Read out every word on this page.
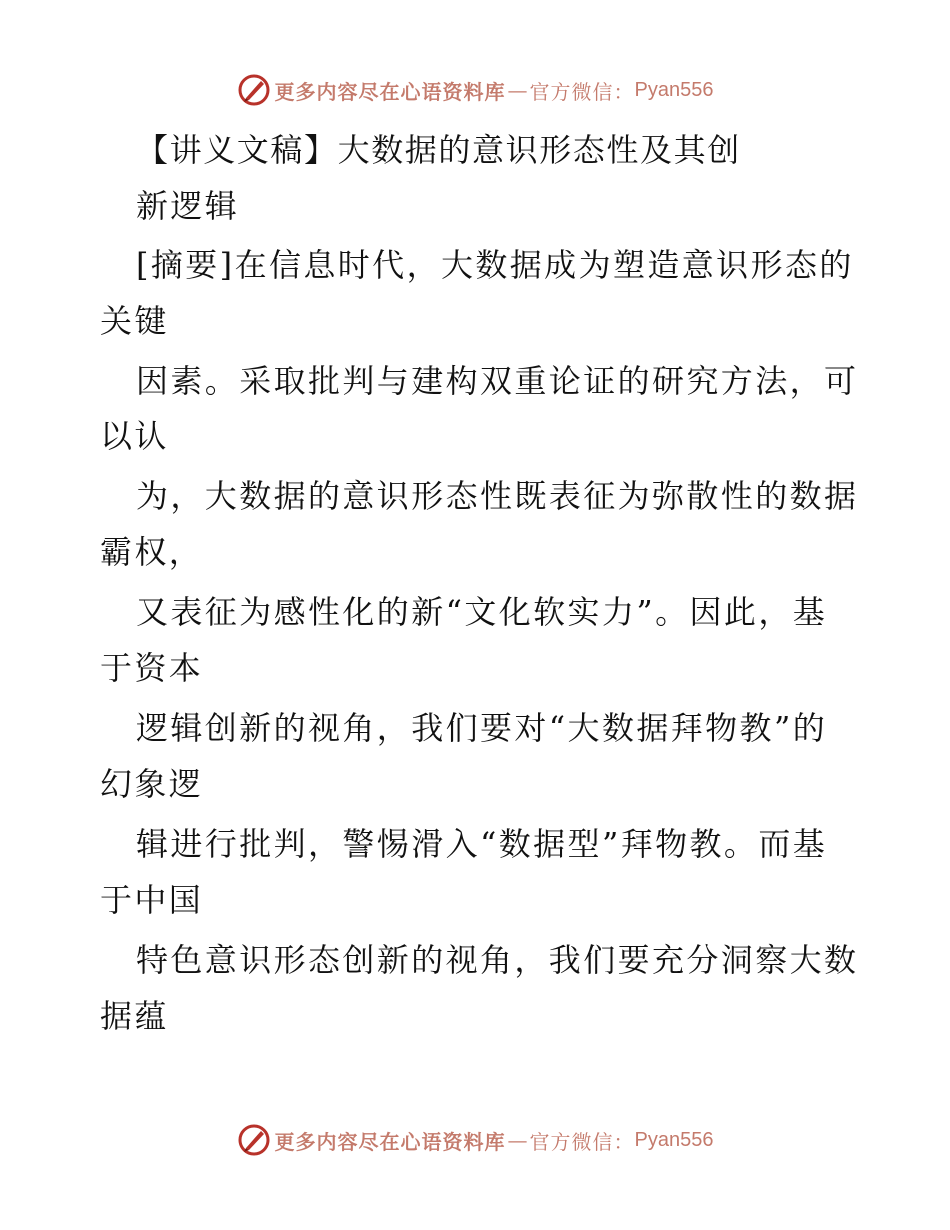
更多内容尽在心语资料库 — 官方微信： Pyan556
【讲义文稿】大数据的意识形态性及其创
新逻辑
[摘要]在信息时代，大数据成为塑造意识形态的
关键
因素。采取批判与建构双重论证的研究方法，可
以认
为，大数据的意识形态性既表征为弥散性的数据
霸权，
又表征为感性化的新“文化软实力”。因此，基
于资本
逻辑创新的视角，我们要对“大数据拜物教”的
幻象逻
辑进行批判，警惕滑入“数据型”拜物教。而基
于中国
特色意识形态创新的视角，我们要充分洞察大数
据蕴
更多内容尽在心语资料库 — 官方微信： Pyan556
